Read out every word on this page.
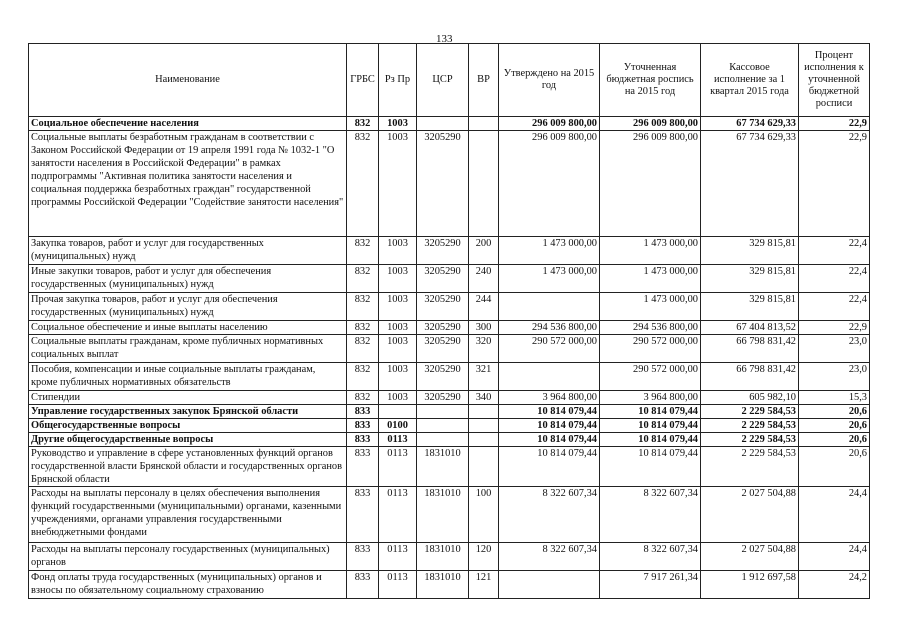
133
Наименование	ГРБС	Рз Пр	ЦСР	ВР	Утверждено на 2015 год	Уточненная бюджетная роспись на 2015 год	Кассовое исполнение за 1 квартал 2015 года	Процент исполнения к уточненной бюджетной росписи
Социальное обеспечение населения	832	1003			296 009 800,00	296 009 800,00	67 734 629,33	22,9
Социальные выплаты безработным гражданам в соответствии с Законом Российской Федерации от 19 апреля 1991 года № 1032-1 "О занятости населения в Российской Федерации" в рамках подпрограммы "Активная политика занятости населения и социальная поддержка безработных граждан" государственной программы Российской Федерации "Содействие занятости населения"	832	1003	3205290		296 009 800,00	296 009 800,00	67 734 629,33	22,9
Закупка товаров, работ и услуг для государственных (муниципальных) нужд	832	1003	3205290	200	1 473 000,00	1 473 000,00	329 815,81	22,4
Иные закупки товаров, работ и услуг для обеспечения государственных (муниципальных) нужд	832	1003	3205290	240	1 473 000,00	1 473 000,00	329 815,81	22,4
Прочая закупка товаров, работ и услуг для обеспечения государственных (муниципальных) нужд	832	1003	3205290	244		1 473 000,00	329 815,81	22,4
Социальное обеспечение и иные выплаты населению	832	1003	3205290	300	294 536 800,00	294 536 800,00	67 404 813,52	22,9
Социальные выплаты гражданам, кроме публичных нормативных социальных выплат	832	1003	3205290	320	290 572 000,00	290 572 000,00	66 798 831,42	23,0
Пособия, компенсации и иные социальные выплаты гражданам, кроме публичных нормативных обязательств	832	1003	3205290	321		290 572 000,00	66 798 831,42	23,0
Стипендии	832	1003	3205290	340	3 964 800,00	3 964 800,00	605 982,10	15,3
Управление государственных закупок Брянской области	833				10 814 079,44	10 814 079,44	2 229 584,53	20,6
Общегосударственные вопросы	833	0100			10 814 079,44	10 814 079,44	2 229 584,53	20,6
Другие общегосударственные вопросы	833	0113			10 814 079,44	10 814 079,44	2 229 584,53	20,6
Руководство и управление в сфере установленных функций органов государственной власти Брянской области и государственных органов Брянской области	833	0113	1831010		10 814 079,44	10 814 079,44	2 229 584,53	20,6
Расходы на выплаты персоналу в целях обеспечения выполнения функций государственными (муниципальными) органами, казенными учреждениями, органами управления государственными внебюджетными фондами	833	0113	1831010	100	8 322 607,34	8 322 607,34	2 027 504,88	24,4
Расходы на выплаты персоналу государственных (муниципальных) органов	833	0113	1831010	120	8 322 607,34	8 322 607,34	2 027 504,88	24,4
Фонд оплаты труда государственных (муниципальных) органов и взносы по обязательному социальному страхованию	833	0113	1831010	121		7 917 261,34	1 912 697,58	24,2
